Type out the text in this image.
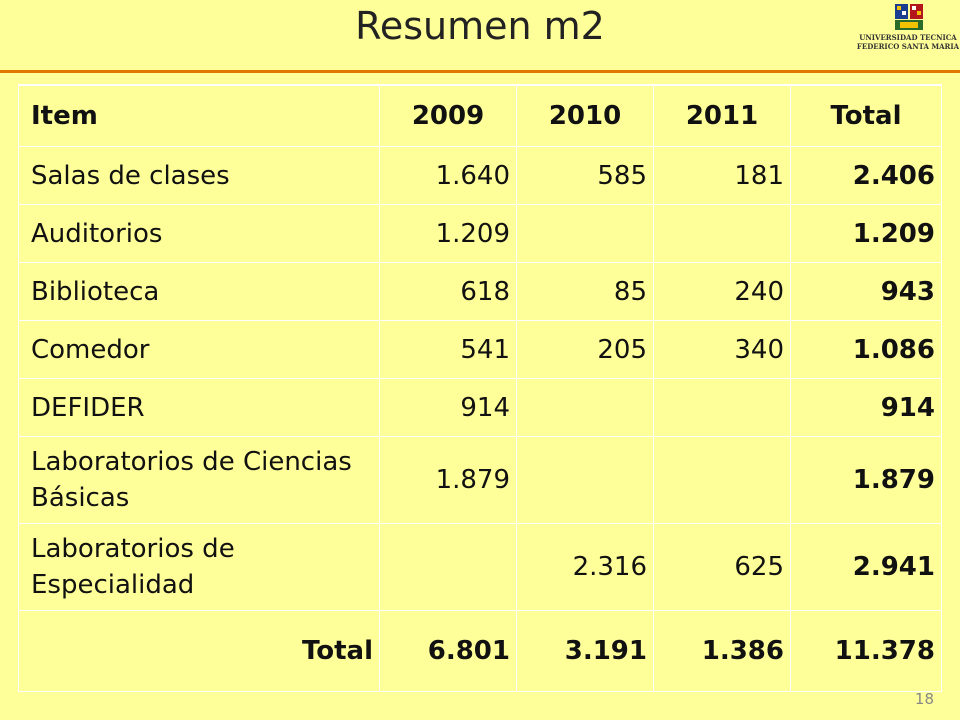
Resumen m2	UNIVERSIDAD TECNICA
FEDERICO SANTA MARIA
Item	2009	2010	2011	Total
Salas de clases	1.640	585	181	2.406
Auditorios	1.209			1.209
Biblioteca	618	85	240	943
Comedor	541	205	340	1.086
DEFIDER	914			914
Laboratorios de Ciencias Básicas	1.879			1.879
Laboratorios de Especialidad		2.316	625	2.941
Total	6.801	3.191	1.386	11.378
18
